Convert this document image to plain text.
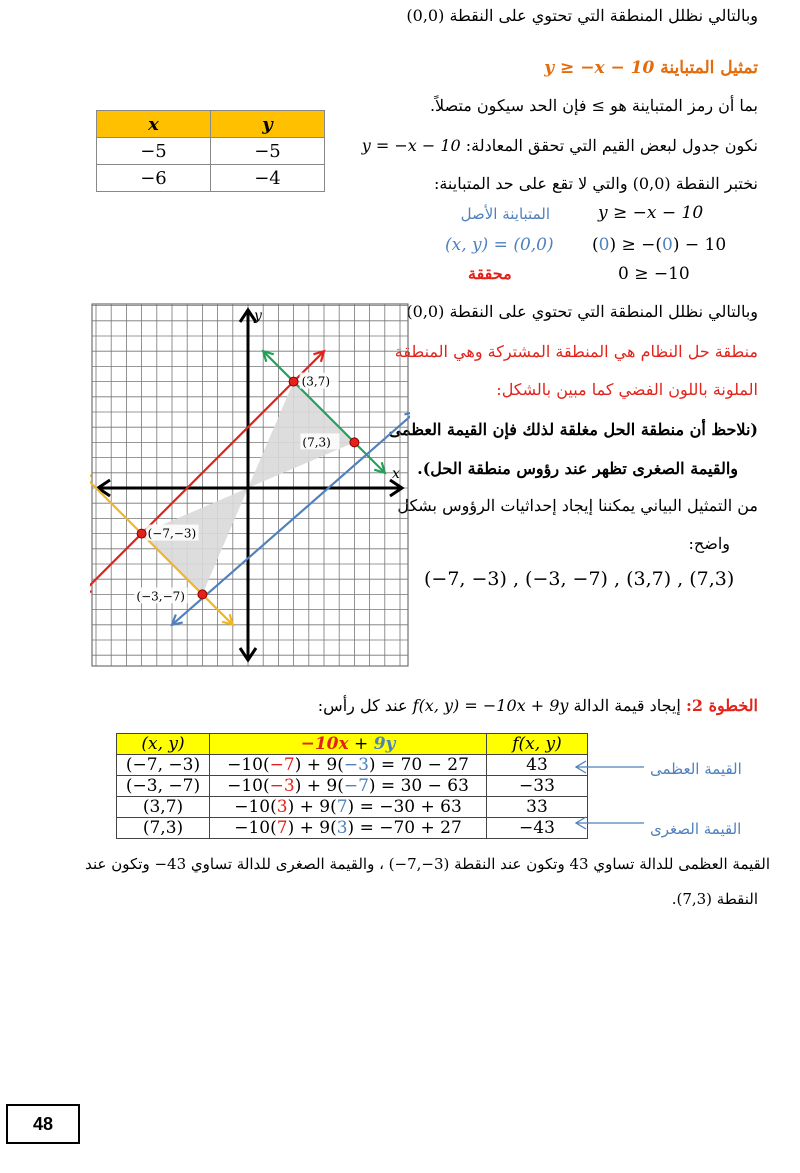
وبالتالي نظلل المنطقة التي تحتوي على النقطة (0,0)
تمثيل المتباينة y ≥ −x − 10
بما أن رمز المتباينة هو ≥ فإن الحد سيكون متصلاً.
نكون جدول لبعض القيم التي تحقق المعادلة: y = −x − 10
نختبر النقطة (0,0) والتي لا تقع على حد المتباينة:
المتباينة الأصل	y ≥ −x − 10
(x, y) = (0,0) (0) ≥ −(0) − 10
محققة	0 ≥ −10
وبالتالي نظلل المنطقة التي تحتوي على النقطة (0,0)
منطقة حل النظام هي المنطقة المشتركة وهي المنطقة
الملونة باللون الفضي كما مبين بالشكل:
(نلاحظ أن منطقة الحل مغلقة لذلك فإن القيمة العظمى
والقيمة الصغرى تظهر عند رؤوس منطقة الحل).
من التمثيل البياني يمكننا إيجاد إحداثيات الرؤوس بشكل
واضح:
(−7, −3) , (−3, −7) , (3,7) , (7,3)
x	y
−5	−5
−6	−4
x
y
(3,7)
(7,3)
(−7,−3)
(−3,−7)
الخطوة 2: إيجاد قيمة الدالة f(x, y) = −10x + 9y عند كل رأس:
(x, y)	−10x + 9y	f(x, y)
(−7, −3)	−10(−7) + 9(−3) = 70 − 27	43
(−3, −7)	−10(−3) + 9(−7) = 30 − 63	−33
(3,7)	−10(3) + 9(7) = −30 + 63	33
(7,3)	−10(7) + 9(3) = −70 + 27	−43
القيمة العظمى
القيمة الصغرى
القيمة العظمى للدالة تساوي 43 وتكون عند النقطة (3−,7−) ، والقيمة الصغرى للدالة تساوي 43− وتكون عند
النقطة (7,3).
48
